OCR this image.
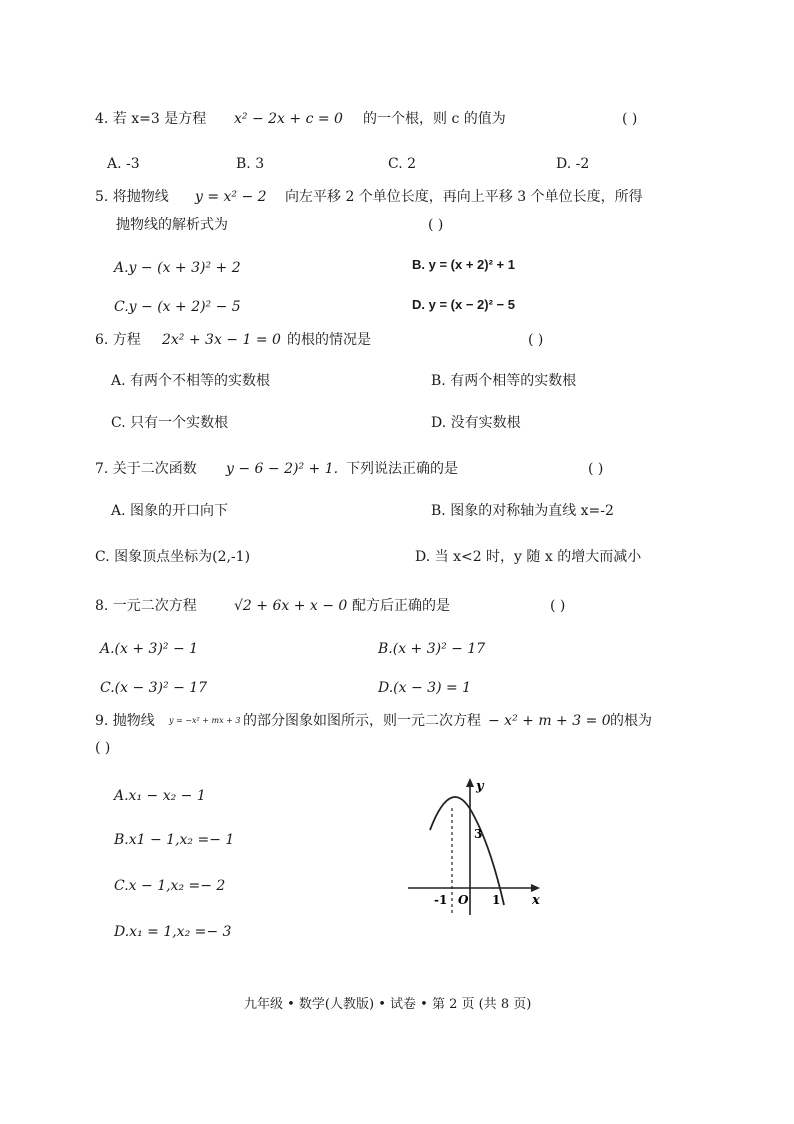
4. 若 x=3 是方程 x² − 2x + c = 0 的一个根，则 c 的值为	( )
A. -3	B. 3	C. 2	D. -2
5. 将抛物线 y = x² − 2 向左平移 2 个单位长度，再向上平移 3 个单位长度，所得
抛物线的解析式为	( )
A.y − (x + 3)² + 2	B. y = (x + 2)² + 1
C.y − (x + 2)² − 5	D. y = (x − 2)² − 5
6. 方程 2x² + 3x − 1 = 0 的根的情况是	( )
A. 有两个不相等的实数根	B. 有两个相等的实数根
C. 只有一个实数根	D. 没有实数根
7. 关于二次函数 y − 6 − 2)² + 1. 下列说法正确的是	( )
A. 图象的开口向下	B. 图象的对称轴为直线 x=-2
C. 图象顶点坐标为(2,-1)	D. 当 x<2 时，y 随 x 的增大而减小
8. 一元二次方程	√2 + 6x + x − 0 配方后正确的是	( )
A.(x + 3)² − 1	B.(x + 3)² − 17
C.(x − 3)² − 17	D.(x − 3) = 1
9. 抛物线 y = −x² + mx + 3 的部分图象如图所示，则一元二次方程 − x² + m + 3 = 0 的根为
( )
A.x₁ − x₂ − 1
B.x1 − 1,x₂ =− 1
C.x − 1,x₂ =− 2
D.x₁ = 1,x₂ =− 3
y
x
O
3
-1	1
九年级 • 数学(人教版) • 试卷 • 第 2 页 (共 8 页)
